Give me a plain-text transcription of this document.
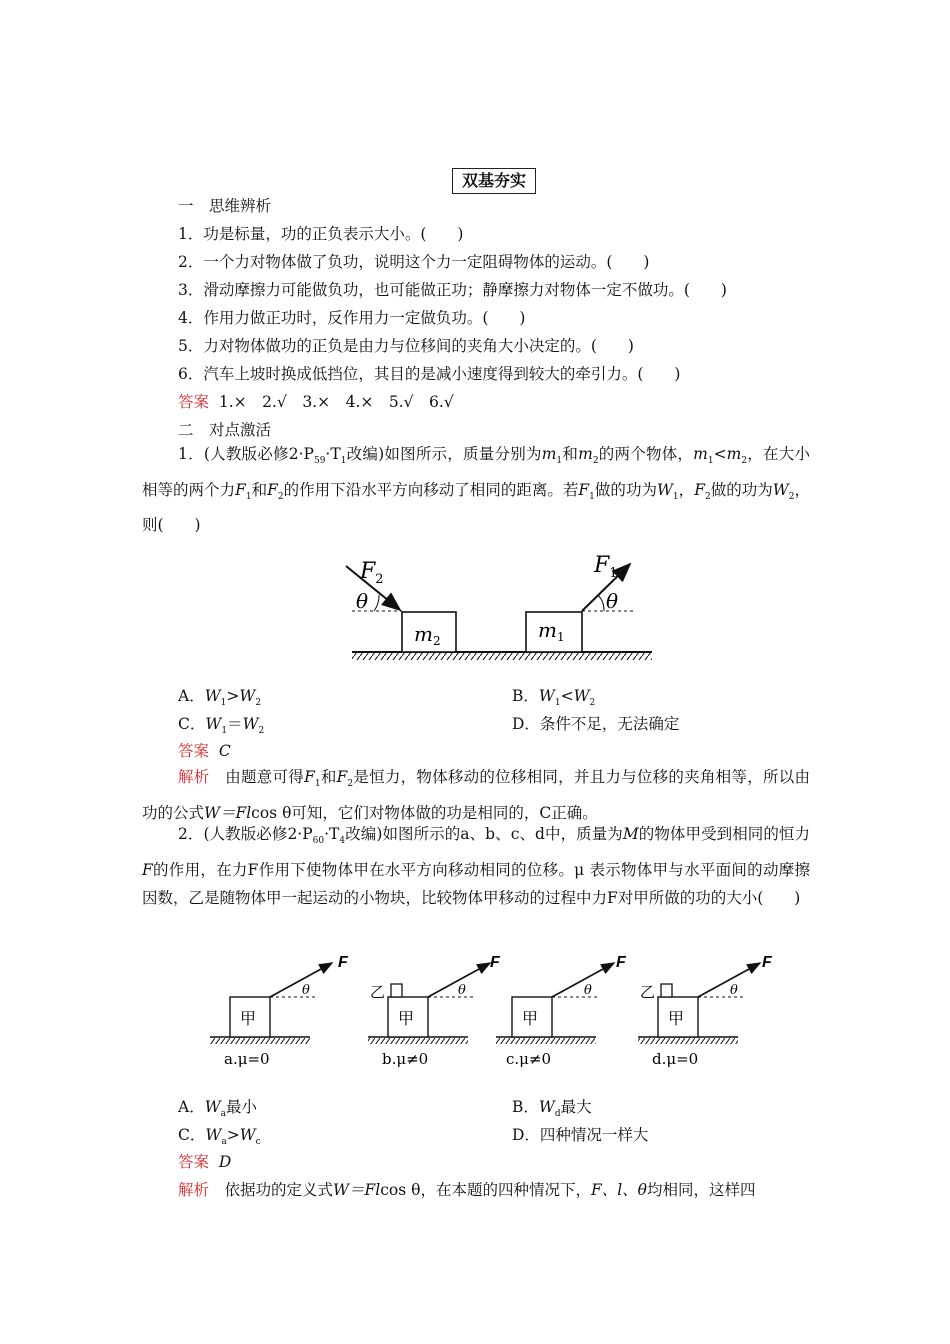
双基夯实
一　思维辨析
1．功是标量，功的正负表示大小。(　　)
2．一个力对物体做了负功，说明这个力一定阻碍物体的运动。(　　)
3．滑动摩擦力可能做负功，也可能做正功；静摩擦力对物体一定不做功。(　　)
4．作用力做正功时，反作用力一定做负功。(　　)
5．力对物体做功的正负是由力与位移间的夹角大小决定的。(　　)
6．汽车上坡时换成低挡位，其目的是减小速度得到较大的牵引力。(　　)
答案 1.×　2.√　3.×　4.×　5.√　6.√
二　对点激活
1．(人教版必修$2\cdot P_{59}\cdot T_1$改编)如图所示，质量分别为$m_1$和$m_2$的两个物体，$m_1<m_2$，在大小相等的两个力$F_1$和$F_2$的作用下沿水平方向移动了相同的距离。若$F_1$做的功为$W_1$，$F_2$做的功为$W_2$，则(　　)
$F_2$
$F_1$
θ	θ
$m_2$	$m_1$
A．$W_1>W_2$	B．$W_1<W_2$
C．$W_1=W_2$	D．条件不足，无法确定
答案 C
解析　 由题意可得$F_1$和$F_2$是恒力，物体移动的位移相同，并且力与位移的夹角相等，所以由功的公式W＝Flcos θ可知，它们对物体做的功是相同的，C正确。
2．(人教版必修$2\cdot P_{60}\cdot T_4$改编)如图所示的a、b、c、d中，质量为M的物体甲受到相同的恒力F的作用，在力F作用下使物体甲在水平方向移动相同的位移。μ 表示物体甲与水平面间的动摩擦因数，乙是随物体甲一起运动的小物块，比较物体甲移动的过程中力F对甲所做的功的大小(　　)
甲
F
θ
a.μ=0
甲
乙
F
θ
b.μ≠0
甲
F
θ
c.μ≠0
甲
乙
F
θ
d.μ=0
A．$W_a$最小	B．$W_d$最大
C．$W_a>W_c$	D．四种情况一样大
答案 D
解析　 依据功的定义式W＝Flcos θ，在本题的四种情况下，F、l、θ均相同，这样四
